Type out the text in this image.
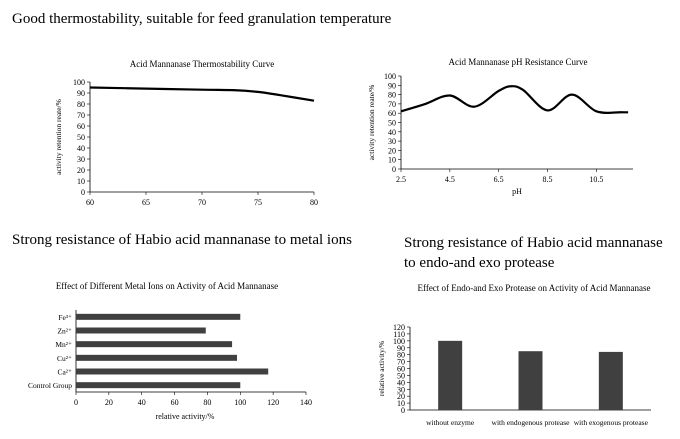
Good thermostability, suitable for feed granulation temperature
Strong resistance of Habio acid mannanase to metal ions	Strong resistance of Habio acid mannanase
to endo-and exo protease
Acid Mannanase Thermostability Curve	Acid Mannanase pH Resistance Curve
Effect of Different Metal Ions on Activity of Acid Mannanase	Effect of Endo-and Exo Protease on Activity of Acid Mannanase
0
10
20
30
40
50
60
70
80
90
100
60	65	70	75	80
activity retention reate/%	0
10
20
30
40
50
60
70
80
90
100
2.5	4.5	6.5	8.5	10.5
activity retention reate/%
pH
0	20	40	60	80	100	120	140
Control Group
Ca²⁺
Cu²⁺
Mn²⁺
Zn²⁺
Fe³⁺
relative activity/%
0
10
20
30
40
50
60
70
80
90
100
110
120
without enzyme with endogenous protease with exogenous protease
relative activity/%
